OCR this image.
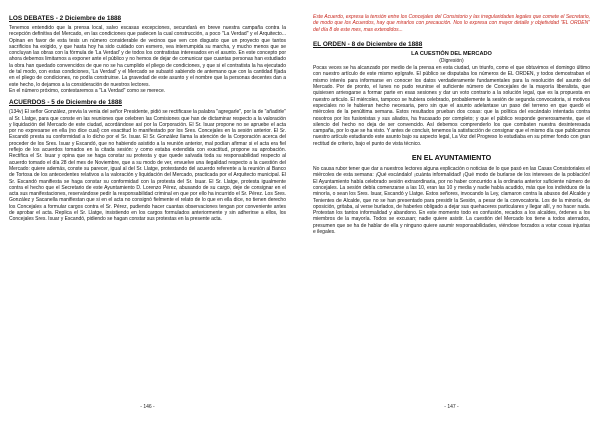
LOS DEBATES - 2 Diciembre de 1888

Tenemos entendido que la prensa local, salvo escasas excepciones, secundará en breve nuestra campaña contra la recepción definitiva del Mercado, en las condiciones que padecen la cual construcción, a poco "La Verdad" y el Arquitecto... Opinan en favor de esta tesis un número considerable de vecinos que ven con disgusto que un proyecto que tantos sacrificios ha exigido, y que hasta hoy ha sido cuidado con esmero, vea interrumpida su marcha, y mucho menos que se concluyan las obras con la fórmula de 'La Verdad' y de todos los contratistas interesados en el asunto. En este concepto por ahora debemos limitarnos a exponer ante el público y no hemos de dejar de comunicar que cuantas personas han estudiado la obra han quedado convencidos de que no se ha cumplido el pliego de condiciones, y que si el contratista la ha ejecutado de tal modo, con estas condiciones, 'La Verdad' y el Mercado se subastó sabiendo de antemano que con la cantidad fijada en el pliego de condiciones, no podía construirse. La gravedad de este asunto y el nombre que la personas decentes dan a este hecho, lo dejamos a la consideración de nuestros lectores.

En el número próximo, contestaremos a "La Verdad" como se merece.

ACUERDOS - 5 de Diciembre de 1888

(134v) El señor González, previa la venia del señor Presidente, pidió se rectificase la palabra "agregarle", por la de "añadirle" al Sr. Llatge, para que conste en las reuniones que celebren las Comisiones que han de dictaminar respecto a la valoración y liquidación del Mercado de este ciudad, acordándose así por la Corporación. El Sr. Isuar propone no se apruebe el acta por no expresarse en ella (no dice cual) con exactitud lo manifestado por los Sres. Concejales en la sesión anterior. El Sr. Escandó presta su conformidad a lo dicho por el Sr. Isuar. El Sr. González llama la atención de la Corporación acerca del proceder de los Sres. Isuar y Escandó, que no habiendo asistido a la reunión anterior, mal podían afirmar si el acta era fiel reflejo de los acuerdos tomados en la citada sesión: y como estaba extendida con exactitud, propone su aprobación. Rectifica el Sr. Isuar y opina que se haga constar su protesta y que quede salvada toda su responsabilidad respecto al acuerdo tomado el día 28 del mes de Noviembre, que a su modo de ver, envuelve una ilegalidad respecto a la cuestión del Mercado: quiere además, conste su parecer, igual al del Sr. Llatge, protestando del acuerdo referente a la reunión al Banco de Tortosa de los antecedentes relativos a la valoración y liquidación del Mercado, practicada por el Arquitecto municipal. El Sr. Escandó manifiesta se haga constar su conformidad con la protesta del Sr. Isuar. El Sr. Llatge, protesta igualmente contra el hecho que el Secretario de este Ayuntamiento D. Lorenzo Pérez, abusando de su cargo, deje de consignar en el acta sus manifestaciones, reservándose pedir la responsabilidad criminal en que por ello ha incurrido el Sr. Pérez. Los Sres. González y Sacanella manifiestan que si en el acta no consignó fielmente el relato de lo que en ella dice, no tienen derecho los Concejales a formular cargos contra el Sr. Pérez, pudiendo hacer cuantas observaciones tengan por conveniente antes de aprobar el acta. Replica el Sr. Llatge, insistiendo en los cargos formulados anteriormente y sin adherirse a ellos, los Concejales Sres. Isuar y Escandó, pidiendo se hagan constar sus protestas en la presente acta.

- 146 -

Este Acuerdo, expresa la tensión entre los Concejales del Consistorio y las irregularidades legales que comete el Secretario, de modo que los Acuerdos, hay que mirarlos con precaución. Nos lo expresa con mayor detalle y objetividad "EL ORDEN" del día 8 de este mes, mas extendidos...

EL ORDEN - 8 de Diciembre de 1888

LA CUESTIÓN DEL MERCADO

(Digresión)

Pocas veces se ha alcanzado por medio de la prensa en esta ciudad, un triunfo, como el que obtuvimos el domingo último con nuestro artículo de este mismo epígrafe. El público se disputaba los números de EL ORDEN, y todos demostraban el mismo interés para informarse en conocer los datos verdaderamente fundamentales para la resolución del asunto del Mercado. Por de pronto, el lunes no pudo reunirse el suficiente número de Concejales de la mayoría liberalista, que quisiesen arriesgarse a formar parte en esas sesiones y dar un voto contrario a la solución legal, que es la propuesta en nuestro articulo. El miércoles, tampoco se hubiera celebrado, probablemente la sesión de segunda convocatoria, si motivos especiales no le hubieran hecho necesaria, pero sin que el asunto adelantase un paso del terreno en que quedó el miércoles de la penúltima semana. Estos resultados prueban dos cosas: que la política del escándalo intentada contra nosotros por los fusionistas y sus aliados, ha fracasado por completo; y que el público responde generosamente, que el silencio del hecho no deja de ser convencido. Así debemos comprenderlo los que combaten nuestra desinteresada campaña, por lo que se ha visto. Y antes de concluir, tenemos la satisfacción de consignar que el mismo día que publicamos nuestro artículo estudiando este asunto bajo su aspecto legal, La Voz del Progreso lo estudiaba en su primer fondo con gran rectitud de criterio, bajo el punto de vista técnico.

EN EL AYUNTAMIENTO

No causa rubor tener que dar a nuestros lectores alguna explicación o noticias de lo que pasó en las Casas Consistoriales el miércoles de esta semana: ¡Qué escándalo! ¡cuánta informalidad! ¡Qué modo de burlarse de los intereses de la población! El Ayuntamiento había celebrado sesión extraordinaria, por no haber concurrido a la ordinaria anterior suficiente número de concejales. La sesión debía comenzarse a las 10, eran las 10 y media y nadie había acudido, más que los individuos de la minoría, o sean los Sres. Isuar, Escandó y Llatge. Estos señores, invocando la Ley, clamaron contra la abusos del Alcalde y Tenientes de Alcalde, que no se han presentado para presidir la Sesión, a pesar de la convocatoria. Los de la minoría, de oposición, gritaba, al verse burlados, de haberles obligado a dejar sus quehaceres particulares y llegar allí, y no hacer nada. Protestan los tantos informalidad y abandono. En este momento todo es confusión, recados a los alcaldes, órdenes a los miembros de la mayoría. Todos se excusan; nadie quiere asistir. La cuestión del Mercado los tiene a todos aterrados, presumen que se ha de hablar de ella y ninguno quiere asumir responsabilidades, viéndose forzados a votar cosas injustas e ilegales.

- 147 -
